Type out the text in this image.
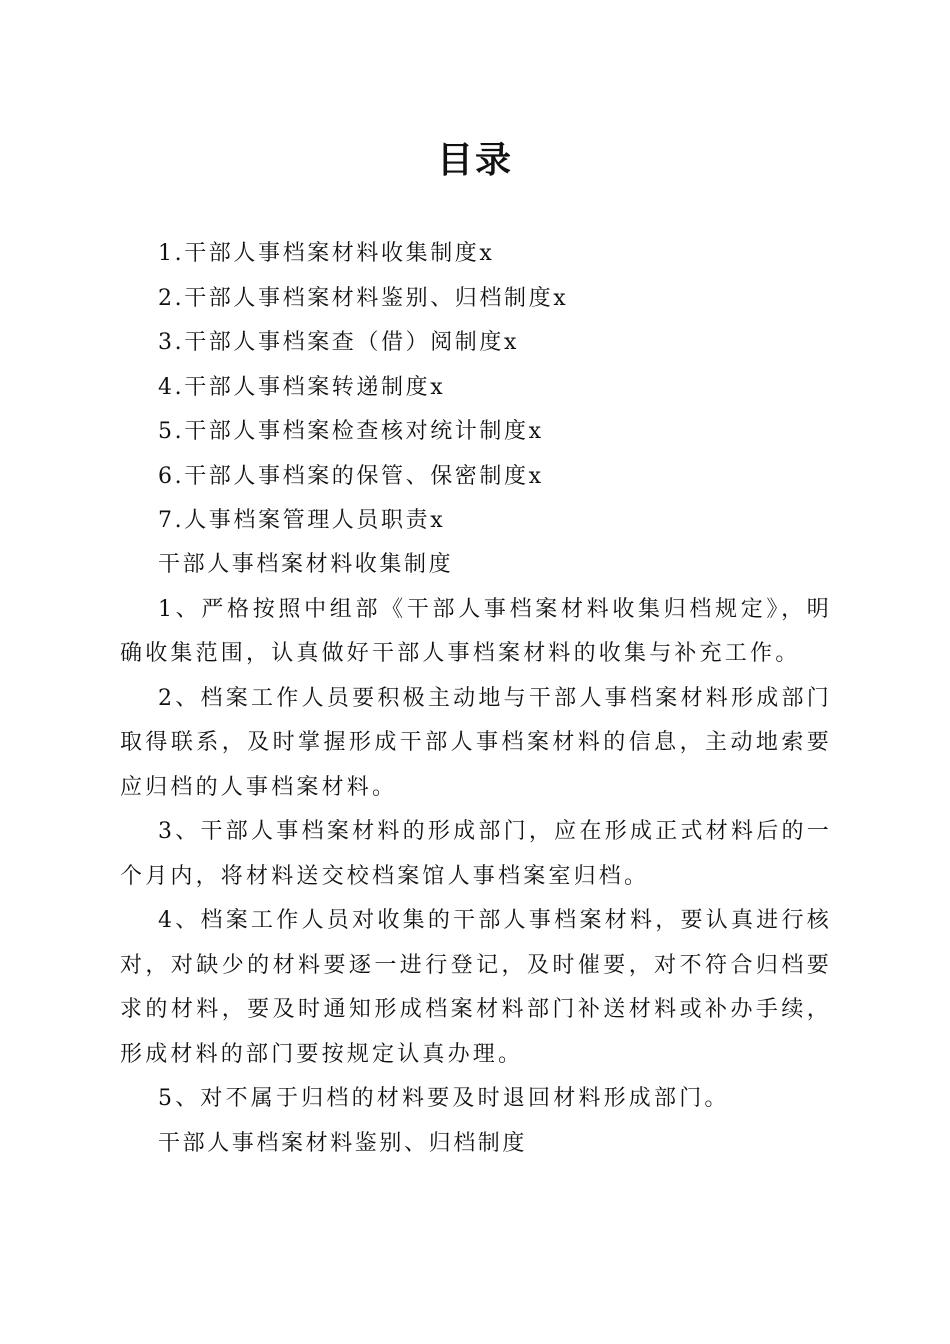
目录
1.干部人事档案材料收集制度x
2.干部人事档案材料鉴别、归档制度x
3.干部人事档案查（借）阅制度x
4.干部人事档案转递制度x
5.干部人事档案检查核对统计制度x
6.干部人事档案的保管、保密制度x
7.人事档案管理人员职责x

干部人事档案材料收集制度

1、严格按照中组部《干部人事档案材料收集归档规定》，明确收集范围，认真做好干部人事档案材料的收集与补充工作。

2、档案工作人员要积极主动地与干部人事档案材料形成部门取得联系，及时掌握形成干部人事档案材料的信息，主动地索要应归档的人事档案材料。

3、干部人事档案材料的形成部门，应在形成正式材料后的一个月内，将材料送交校档案馆人事档案室归档。

4、档案工作人员对收集的干部人事档案材料，要认真进行核对，对缺少的材料要逐一进行登记，及时催要，对不符合归档要求的材料，要及时通知形成档案材料部门补送材料或补办手续，形成材料的部门要按规定认真办理。

5、对不属于归档的材料要及时退回材料形成部门。

干部人事档案材料鉴别、归档制度
